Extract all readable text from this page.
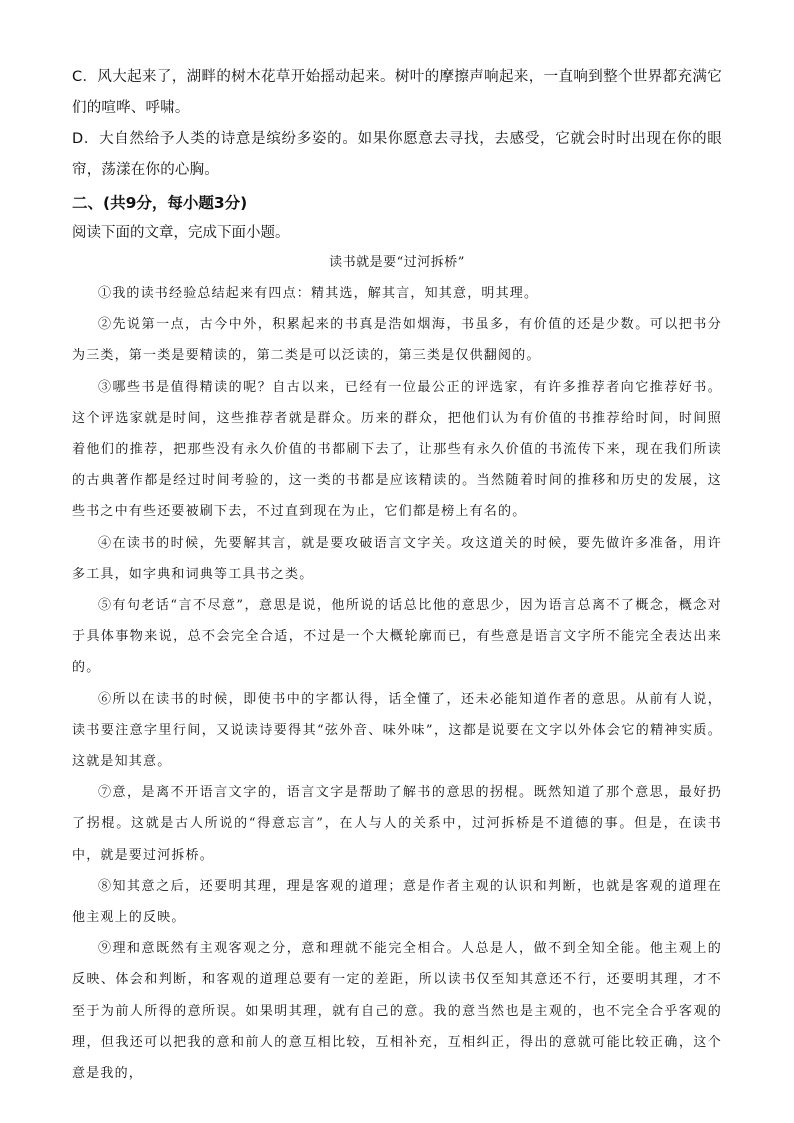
C．风大起来了，湖畔的树木花草开始摇动起来。树叶的摩擦声响起来，一直响到整个世界都充满它们的喧哗、呼啸。

D．大自然给予人类的诗意是缤纷多姿的。如果你愿意去寻找，去感受，它就会时时出现在你的眼帘，荡漾在你的心胸。

二、(共9分，每小题3分)

阅读下面的文章，完成下面小题。

读书就是要“过河拆桥”

①我的读书经验总结起来有四点：精其选，解其言，知其意，明其理。

②先说第一点，古今中外，积累起来的书真是浩如烟海，书虽多，有价值的还是少数。可以把书分为三类，第一类是要精读的，第二类是可以泛读的，第三类是仅供翻阅的。

③哪些书是值得精读的呢？自古以来，已经有一位最公正的评选家，有许多推荐者向它推荐好书。这个评选家就是时间，这些推荐者就是群众。历来的群众，把他们认为有价值的书推荐给时间，时间照着他们的推荐，把那些没有永久价值的书都刷下去了，让那些有永久价值的书流传下来，现在我们所读的古典著作都是经过时间考验的，这一类的书都是应该精读的。当然随着时间的推移和历史的发展，这些书之中有些还要被刷下去，不过直到现在为止，它们都是榜上有名的。

④在读书的时候，先要解其言，就是要攻破语言文字关。攻这道关的时候，要先做许多准备，用许多工具，如字典和词典等工具书之类。

⑤有句老话“言不尽意”，意思是说，他所说的话总比他的意思少，因为语言总离不了概念，概念对于具体事物来说，总不会完全合适，不过是一个大概轮廓而已，有些意是语言文字所不能完全表达出来的。

⑥所以在读书的时候，即使书中的字都认得，话全懂了，还未必能知道作者的意思。从前有人说，读书要注意字里行间，又说读诗要得其“弦外音、味外味”，这都是说要在文字以外体会它的精神实质。这就是知其意。

⑦意，是离不开语言文字的，语言文字是帮助了解书的意思的拐棍。既然知道了那个意思，最好扔了拐棍。这就是古人所说的“得意忘言”，在人与人的关系中，过河拆桥是不道德的事。但是，在读书中，就是要过河拆桥。

⑧知其意之后，还要明其理，理是客观的道理；意是作者主观的认识和判断，也就是客观的道理在他主观上的反映。

⑨理和意既然有主观客观之分，意和理就不能完全相合。人总是人，做不到全知全能。他主观上的反映、体会和判断，和客观的道理总要有一定的差距，所以读书仅至知其意还不行，还要明其理，才不至于为前人所得的意所误。如果明其理，就有自己的意。我的意当然也是主观的，也不完全合乎客观的理，但我还可以把我的意和前人的意互相比较，互相补充，互相纠正，得出的意就可能比较正确，这个意是我的，
